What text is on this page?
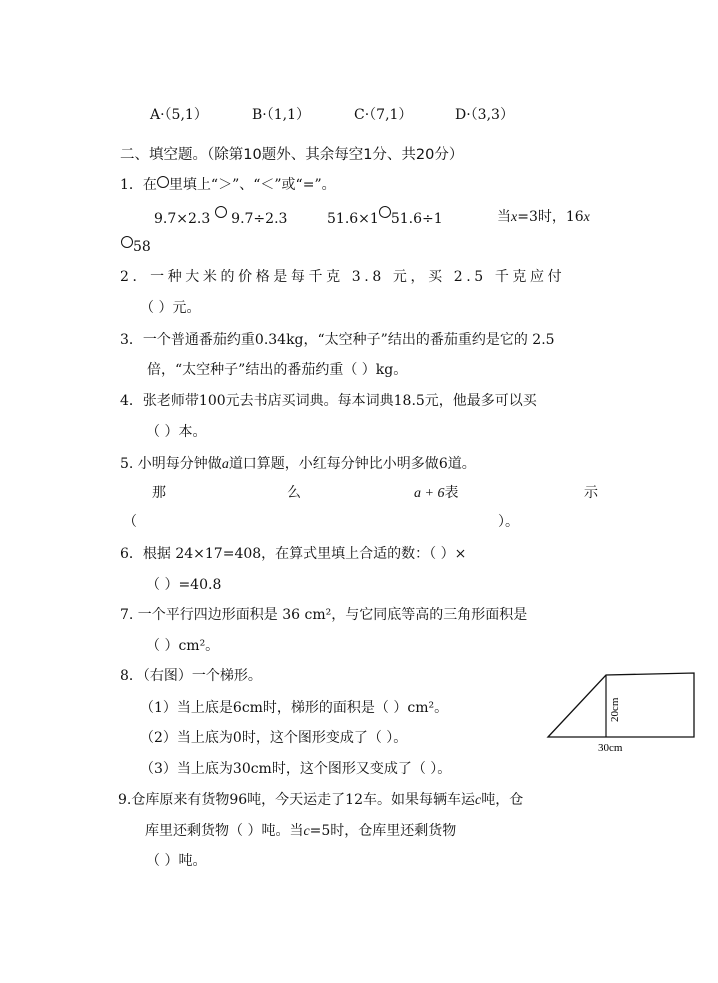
A·（5,1）	B·（1,1）	C·（7,1）	D·（3,3）
二、填空题。（除第10题外、其余每空1分、共20分）
1．在 里填上“＞”、“＜”或“=”。
9.7×2.3 9.7÷2.3	51.6×1 51.6÷1	当x=3时，16x
58
2．一种大米的价格是每千克 3.8 元，买 2.5 千克应付
（ ）元。
3．一个普通番茄约重0.34kg，“太空种子”结出的番茄重约是它的 2.5
倍，“太空种子”结出的番茄约重（ ）kg。
4．张老师带100元去书店买词典。每本词典18.5元，他最多可以买
（ ）本。
5. 小明每分钟做a道口算题，小红每分钟比小明多做6道。
那	么	a + 6表	示
（	）。
6．根据 24×17=408，在算式里填上合适的数：（ ）×
（ ）=40.8
7. 一个平行四边形面积是 36 cm²，与它同底等高的三角形面积是
（ ）cm²。
8．（右图）一个梯形。
（1）当上底是6cm时，梯形的面积是（ ）cm²。
（2）当上底为0时，这个图形变成了（ ）。
（3）当上底为30cm时，这个图形又变成了（ ）。
20cm
30cm
9.仓库原来有货物96吨，今天运走了12车。如果每辆车运c吨，仓
库里还剩货物（ ）吨。当c=5时，仓库里还剩货物
（ ）吨。
